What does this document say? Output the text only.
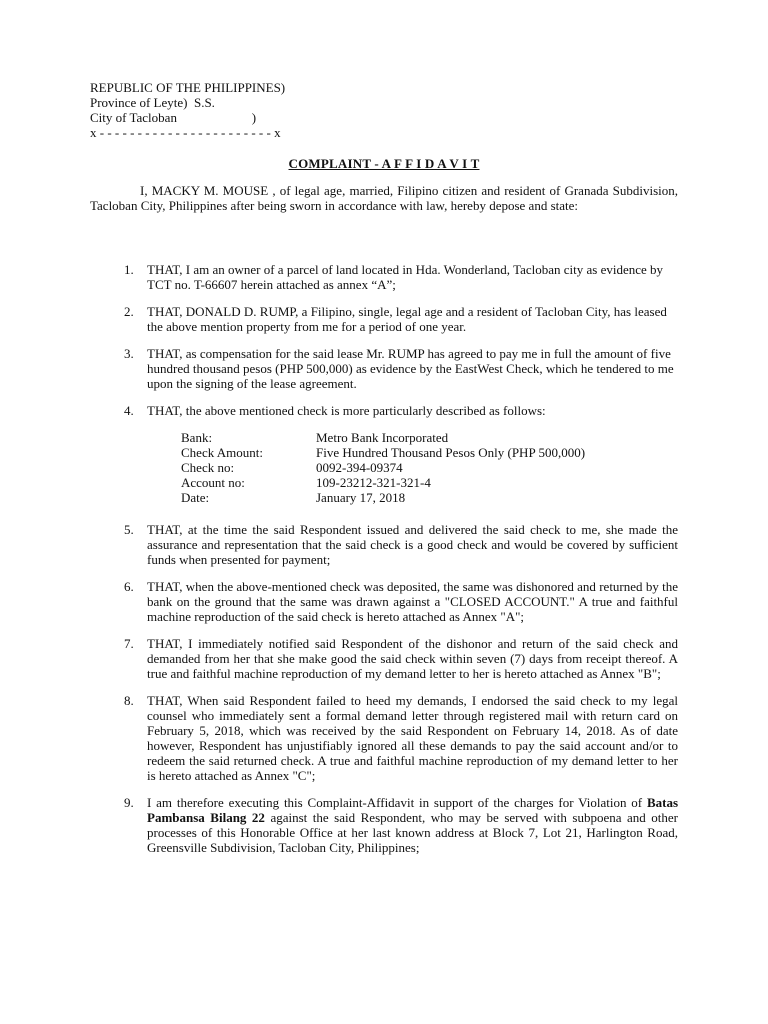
REPUBLIC OF THE PHILIPPINES)
Province of Leyte)  S.S.
City of Tacloban                       )
x - - - - - - - - - - - - - - - - - - - - - - - x
COMPLAINT - A F F I D A V I T
I, MACKY M. MOUSE , of legal age, married, Filipino citizen and resident of Granada Subdivision, Tacloban City, Philippines after being sworn in accordance with law, hereby depose and state:
1. THAT, I am an owner of a parcel of land located in Hda. Wonderland, Tacloban city as evidence by TCT no. T-66607 herein attached as annex “A”;
2. THAT, DONALD D. RUMP, a Filipino, single, legal age and a resident of Tacloban City, has leased the above mention property from me for a period of one year.
3. THAT, as compensation for the said lease Mr. RUMP has agreed to pay me in full the amount of five hundred thousand pesos (PHP 500,000) as evidence by the EastWest Check, which he tendered to me upon the signing of the lease agreement.
4. THAT, the above mentioned check is more particularly described as follows:
Bank:	Metro Bank Incorporated
Check Amount:	Five Hundred Thousand Pesos Only (PHP 500,000)
Check no:	0092-394-09374
Account no:	109-23212-321-321-4
Date:	January 17, 2018
5. THAT, at the time the said Respondent issued and delivered the said check to me, she made the assurance and representation that the said check is a good check and would be covered by sufficient funds when presented for payment;
6. THAT, when the above-mentioned check was deposited, the same was dishonored and returned by the bank on the ground that the same was drawn against a "CLOSED ACCOUNT." A true and faithful machine reproduction of the said check is hereto attached as Annex "A";
7. THAT, I immediately notified said Respondent of the dishonor and return of the said check and demanded from her that she make good the said check within seven (7) days from receipt thereof. A true and faithful machine reproduction of my demand letter to her is hereto attached as Annex "B";
8. THAT, When said Respondent failed to heed my demands, I endorsed the said check to my legal counsel who immediately sent a formal demand letter through registered mail with return card on February 5, 2018, which was received by the said Respondent on February 14, 2018. As of date however, Respondent has unjustifiably ignored all these demands to pay the said account and/or to redeem the said returned check. A true and faithful machine reproduction of my demand letter to her is hereto attached as Annex "C";
9. I am therefore executing this Complaint-Affidavit in support of the charges for Violation of Batas Pambansa Bilang 22 against the said Respondent, who may be served with subpoena and other processes of this Honorable Office at her last known address at Block 7, Lot 21, Harlington Road, Greensville Subdivision, Tacloban City, Philippines;
